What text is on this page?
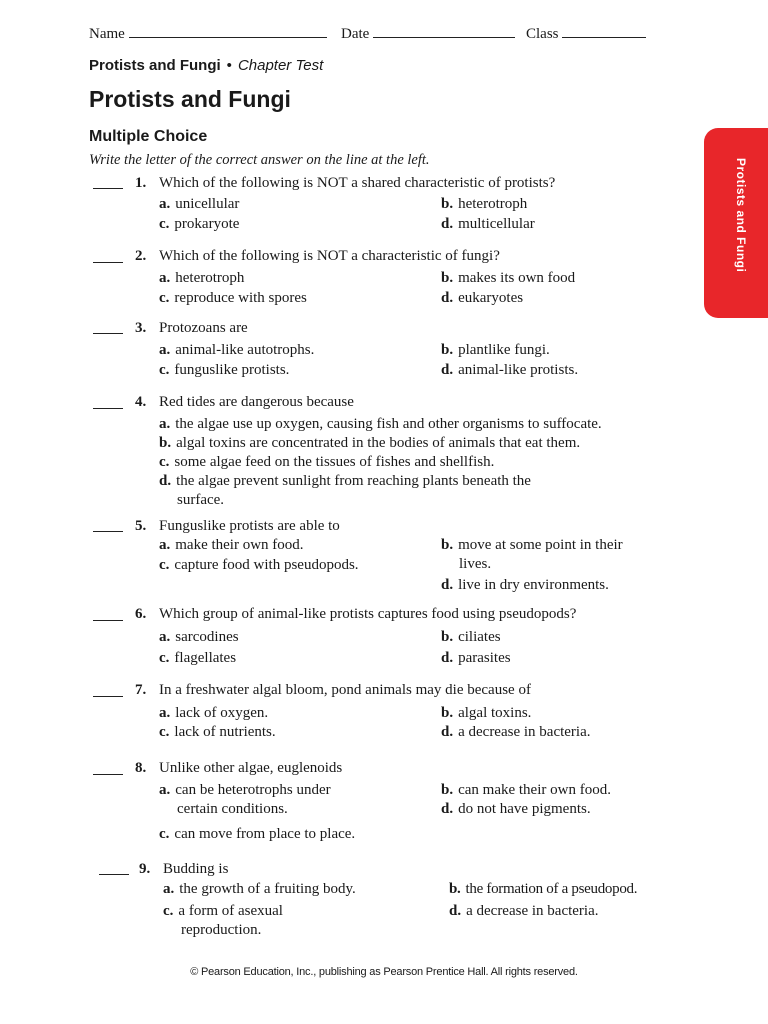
Name	Date	Class
Protists and Fungi • Chapter Test
Protists and Fungi
Multiple Choice
Write the letter of the correct answer on the line at the left.	Protists and Fungi
1. Which of the following is NOT a shared characteristic of protists?
a. unicellular	b. heterotroph
c. prokaryote	d. multicellular
2. Which of the following is NOT a characteristic of fungi?
a. heterotroph	b. makes its own food
c. reproduce with spores	d. eukaryotes
3. Protozoans are
a. animal-like autotrophs.	b. plantlike fungi.
c. funguslike protists.	d. animal-like protists.
4. Red tides are dangerous because
a. the algae use up oxygen, causing fish and other organisms to suffocate.
b. algal toxins are concentrated in the bodies of animals that eat them.
c. some algae feed on the tissues of fishes and shellfish.
d. the algae prevent sunlight from reaching plants beneath the
surface.
5. Funguslike protists are able to
a. make their own food.	b. move at some point in their
lives.
c. capture food with pseudopods.
d. live in dry environments.
6. Which group of animal-like protists captures food using pseudopods?
a. sarcodines	b. ciliates
c. flagellates	d. parasites
7. In a freshwater algal bloom, pond animals may die because of
a. lack of oxygen.	b. algal toxins.
c. lack of nutrients.	d. a decrease in bacteria.
8. Unlike other algae, euglenoids
a. can be heterotrophs under
certain conditions.
b. can make their own food.
d. do not have pigments.
c. can move from place to place.
9. Budding is
a. the growth of a fruiting body.	b. the formation of a pseudopod.
c. a form of asexual
reproduction.
d. a decrease in bacteria.
© Pearson Education, Inc., publishing as Pearson Prentice Hall. All rights reserved.
